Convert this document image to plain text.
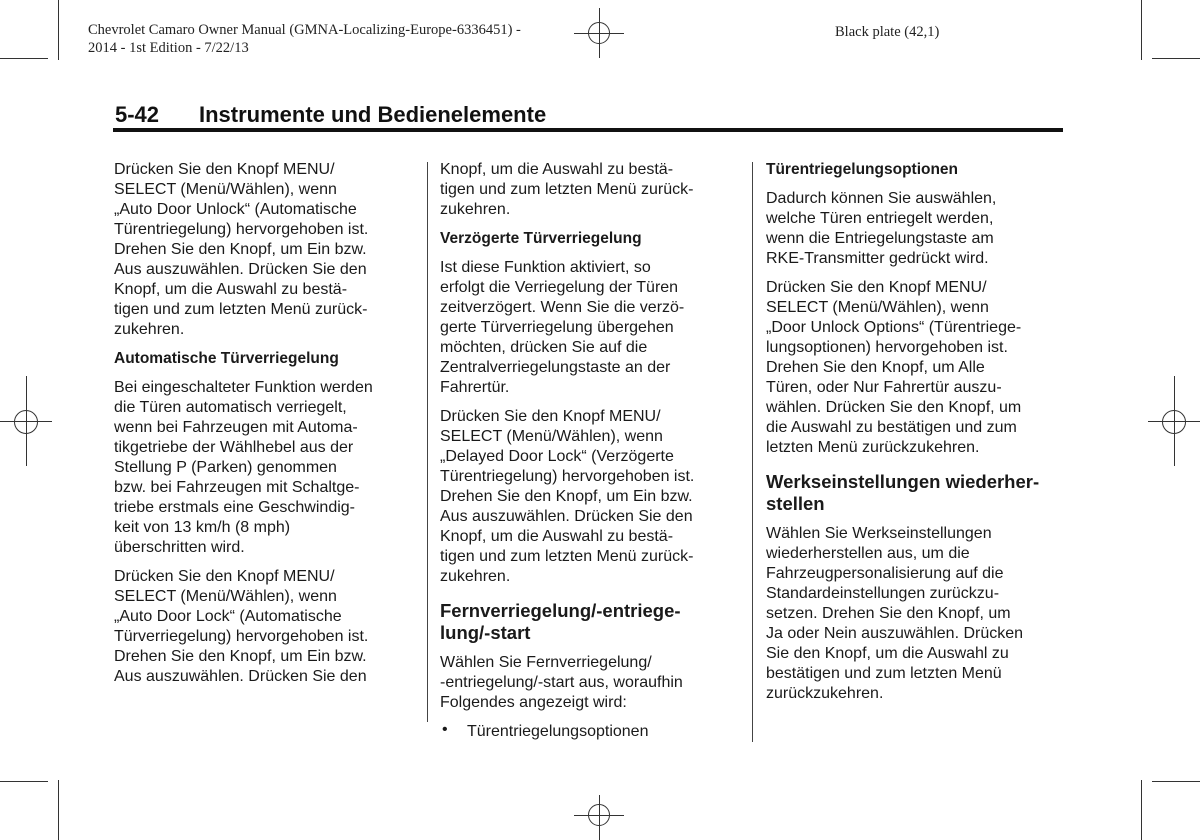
Chevrolet Camaro Owner Manual (GMNA-Localizing-Europe-6336451) -
2014 - 1st Edition - 7/22/13
Black plate (42,1)
5-42 Instrumente und Bedienelemente

Drücken Sie den Knopf MENU/
SELECT (Menü/Wählen), wenn
„Auto Door Unlock“ (Automatische
Türentriegelung) hervorgehoben ist.
Drehen Sie den Knopf, um Ein bzw.
Aus auszuwählen. Drücken Sie den
Knopf, um die Auswahl zu bestä-
tigen und zum letzten Menü zurück-
zukehren.

Automatische Türverriegelung

Bei eingeschalteter Funktion werden
die Türen automatisch verriegelt,
wenn bei Fahrzeugen mit Automa-
tikgetriebe der Wählhebel aus der
Stellung P (Parken) genommen
bzw. bei Fahrzeugen mit Schaltge-
triebe erstmals eine Geschwindig-
keit von 13 km/h (8 mph)
überschritten wird.

Drücken Sie den Knopf MENU/
SELECT (Menü/Wählen), wenn
„Auto Door Lock“ (Automatische
Türverriegelung) hervorgehoben ist.
Drehen Sie den Knopf, um Ein bzw.
Aus auszuwählen. Drücken Sie den

Knopf, um die Auswahl zu bestä-
tigen und zum letzten Menü zurück-
zukehren.

Verzögerte Türverriegelung

Ist diese Funktion aktiviert, so
erfolgt die Verriegelung der Türen
zeitverzögert. Wenn Sie die verzö-
gerte Türverriegelung übergehen
möchten, drücken Sie auf die
Zentralverriegelungstaste an der
Fahrertür.

Drücken Sie den Knopf MENU/
SELECT (Menü/Wählen), wenn
„Delayed Door Lock“ (Verzögerte
Türentriegelung) hervorgehoben ist.
Drehen Sie den Knopf, um Ein bzw.
Aus auszuwählen. Drücken Sie den
Knopf, um die Auswahl zu bestä-
tigen und zum letzten Menü zurück-
zukehren.

Fernverriegelung/-entriege-
lung/-start

Wählen Sie Fernverriegelung/
-entriegelung/-start aus, woraufhin
Folgendes angezeigt wird:

• Türentriegelungsoptionen
Türentriegelungsoptionen

Dadurch können Sie auswählen,
welche Türen entriegelt werden,
wenn die Entriegelungstaste am
RKE-Transmitter gedrückt wird.

Drücken Sie den Knopf MENU/
SELECT (Menü/Wählen), wenn
„Door Unlock Options“ (Türentriege-
lungsoptionen) hervorgehoben ist.
Drehen Sie den Knopf, um Alle
Türen, oder Nur Fahrertür auszu-
wählen. Drücken Sie den Knopf, um
die Auswahl zu bestätigen und zum
letzten Menü zurückzukehren.

Werkseinstellungen wiederher-
stellen

Wählen Sie Werkseinstellungen
wiederherstellen aus, um die
Fahrzeugpersonalisierung auf die
Standardeinstellungen zurückzu-
setzen. Drehen Sie den Knopf, um
Ja oder Nein auszuwählen. Drücken
Sie den Knopf, um die Auswahl zu
bestätigen und zum letzten Menü
zurückzukehren.
